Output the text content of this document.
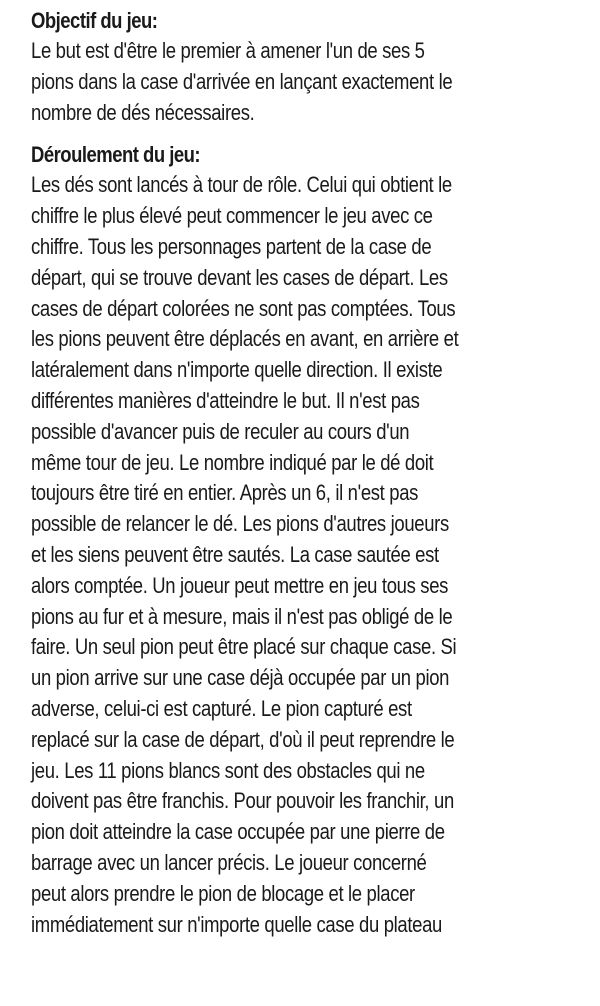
Objectif du jeu:
Le but est d'être le premier à amener l'un de ses 5
pions dans la case d'arrivée en lançant exactement le
nombre de dés nécessaires.
Déroulement du jeu:
Les dés sont lancés à tour de rôle. Celui qui obtient le
chiffre le plus élevé peut commencer le jeu avec ce
chiffre. Tous les personnages partent de la case de
départ, qui se trouve devant les cases de départ. Les
cases de départ colorées ne sont pas comptées. Tous
les pions peuvent être déplacés en avant, en arrière et
latéralement dans n'importe quelle direction. Il existe
différentes manières d'atteindre le but. Il n'est pas
possible d'avancer puis de reculer au cours d'un
même tour de jeu. Le nombre indiqué par le dé doit
toujours être tiré en entier. Après un 6, il n'est pas
possible de relancer le dé. Les pions d'autres joueurs
et les siens peuvent être sautés. La case sautée est
alors comptée. Un joueur peut mettre en jeu tous ses
pions au fur et à mesure, mais il n'est pas obligé de le
faire. Un seul pion peut être placé sur chaque case. Si
un pion arrive sur une case déjà occupée par un pion
adverse, celui-ci est capturé. Le pion capturé est
replacé sur la case de départ, d'où il peut reprendre le
jeu. Les 11 pions blancs sont des obstacles qui ne
doivent pas être franchis. Pour pouvoir les franchir, un
pion doit atteindre la case occupée par une pierre de
barrage avec un lancer précis. Le joueur concerné
peut alors prendre le pion de blocage et le placer
immédiatement sur n'importe quelle case du plateau
